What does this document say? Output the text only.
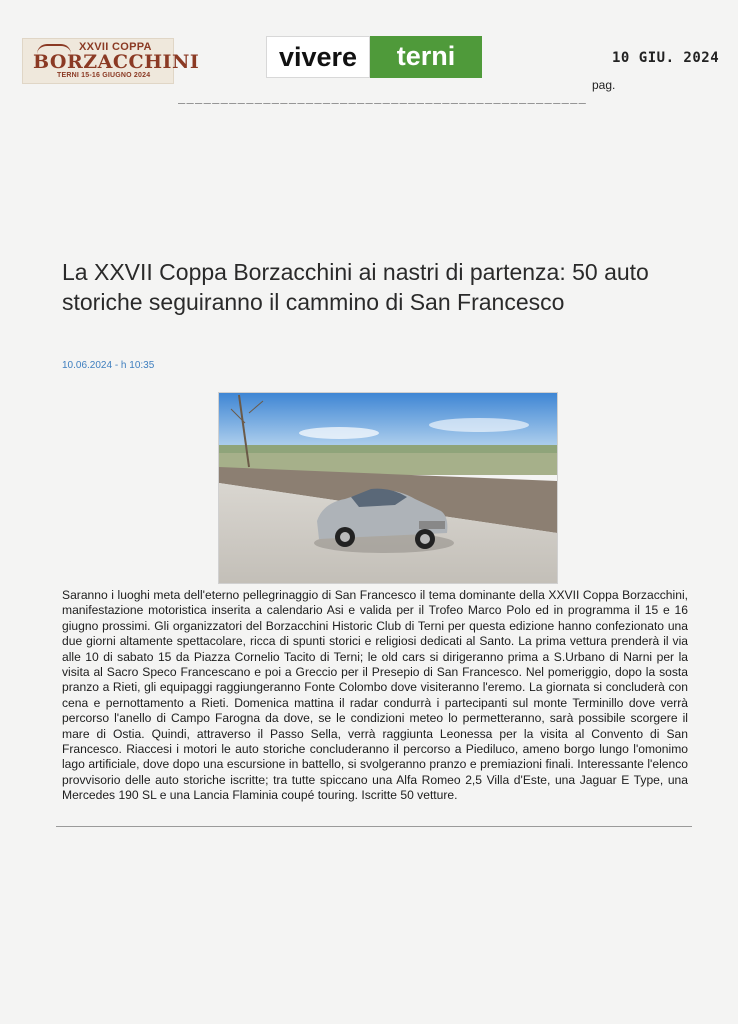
XXVII COPPA
BORZACCHINI
TERNI 15-16 GIUGNO 2024
vivere	terni	10 GIU. 2024
________________________________________________
pag.
La XXVII Coppa Borzacchini ai nastri di partenza: 50 auto storiche seguiranno il cammino di San Francesco
10.06.2024 - h 10:35

Saranno i luoghi meta dell'eterno pellegrinaggio di San Francesco il tema dominante della XXVII Coppa Borzacchini, manifestazione motoristica inserita a calendario Asi e valida per il Trofeo Marco Polo ed in programma il 15 e 16 giugno prossimi. Gli organizzatori del Borzacchini Historic Club di Terni per questa edizione hanno confezionato una due giorni altamente spettacolare, ricca di spunti storici e religiosi dedicati al Santo. La prima vettura prenderà il via alle 10 di sabato 15 da Piazza Cornelio Tacito di Terni; le old cars si dirigeranno prima a S.Urbano di Narni per la visita al Sacro Speco Francescano e poi a Greccio per il Presepio di San Francesco. Nel pomeriggio, dopo la sosta pranzo a Rieti, gli equipaggi raggiungeranno Fonte Colombo dove visiteranno l'eremo. La giornata si concluderà con cena e pernottamento a Rieti. Domenica mattina il radar condurrà i partecipanti sul monte Terminillo dove verrà percorso l'anello di Campo Farogna da dove, se le condizioni meteo lo permetteranno, sarà possibile scorgere il mare di Ostia. Quindi, attraverso il Passo Sella, verrà raggiunta Leonessa per la visita al Convento di San Francesco. Riaccesi i motori le auto storiche concluderanno il percorso a Piediluco, ameno borgo lungo l'omonimo lago artificiale, dove dopo una escursione in battello, si svolgeranno pranzo e premiazioni finali. Interessante l'elenco provvisorio delle auto storiche iscritte; tra tutte spiccano una Alfa Romeo 2,5 Villa d'Este, una Jaguar E Type, una Mercedes 190 SL e una Lancia Flaminia coupé touring. Iscritte 50 vetture.
